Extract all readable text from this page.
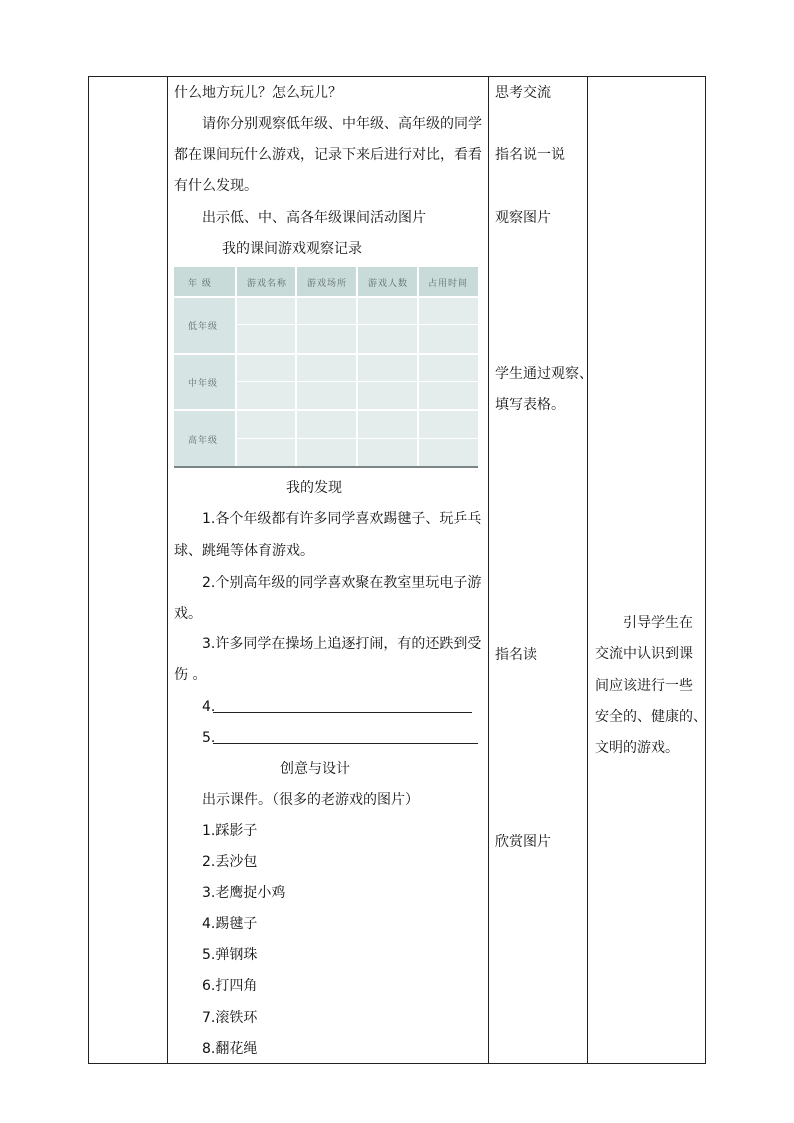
什么地方玩儿？怎么玩儿？
请你分别观察低年级、中年级、高年级的同学
都在课间玩什么游戏，记录下来后进行对比，看看
有什么发现。
出示低、中、高各年级课间活动图片
我的课间游戏观察记录
年 级	游戏名称 游戏场所 游戏人数 占用时间
低年级
中年级
高年级
我的发现
1.各个年级都有许多同学喜欢踢毽子、玩乒乓
球、跳绳等体育游戏。
2.个别高年级的同学喜欢聚在教室里玩电子游
戏。
3.许多同学在操场上追逐打闹，有的还跌到受
伤 。
4.
5.
创意与设计
出示课件。（很多的老游戏的图片）
1.踩影子
2.丢沙包
3.老鹰捉小鸡
4.踢毽子
5.弹钢珠
6.打四角
7.滚铁环
8.翻花绳
思考交流
指名说一说
观察图片
学生通过观察、
填写表格。
指名读
欣赏图片
引导学生在
交流中认识到课
间应该进行一些
安全的、健康的、
文明的游戏。
